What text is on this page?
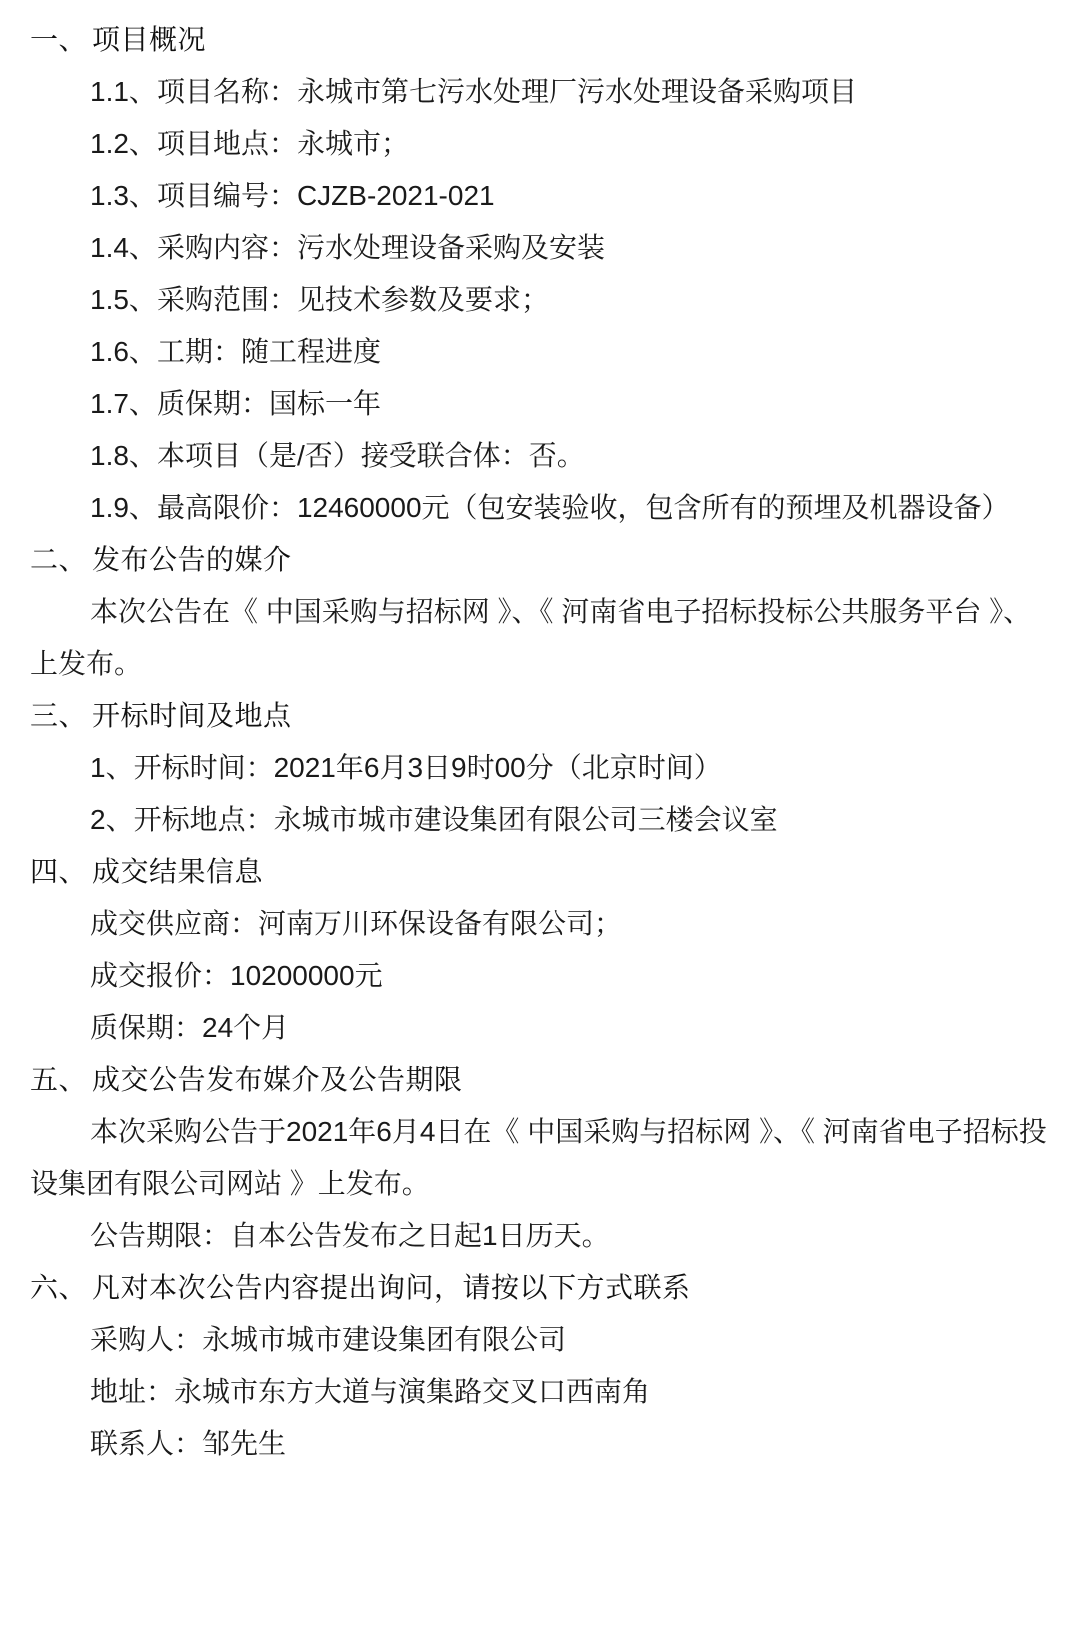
一、 项目概况
1.1、项目名称：永城市第七污水处理厂污水处理设备采购项目
1.2、项目地点：永城市；
1.3、项目编号：CJZB-2021-021
1.4、采购内容：污水处理设备采购及安装
1.5、采购范围：见技术参数及要求；
1.6、工期：随工程进度
1.7、质保期：国标一年
1.8、本项目（是/否）接受联合体：否。
1.9、最高限价：12460000元（包安装验收，包含所有的预埋及机器设备）
二、 发布公告的媒介
本次公告在《 中国采购与招标网 》、《 河南省电子招标投标公共服务平台 》、
上发布。
三、 开标时间及地点
1、开标时间：2021年6月3日9时00分（北京时间）
2、开标地点：永城市城市建设集团有限公司三楼会议室
四、 成交结果信息
成交供应商：河南万川环保设备有限公司；
成交报价：10200000元
质保期：24个月
五、 成交公告发布媒介及公告期限
本次采购公告于2021年6月4日在《 中国采购与招标网 》、《 河南省电子招标投
设集团有限公司网站 》上发布。
公告期限：自本公告发布之日起1日历天。
六、 凡对本次公告内容提出询问，请按以下方式联系
采购人：永城市城市建设集团有限公司
地址：永城市东方大道与演集路交叉口西南角
联系人：邹先生
